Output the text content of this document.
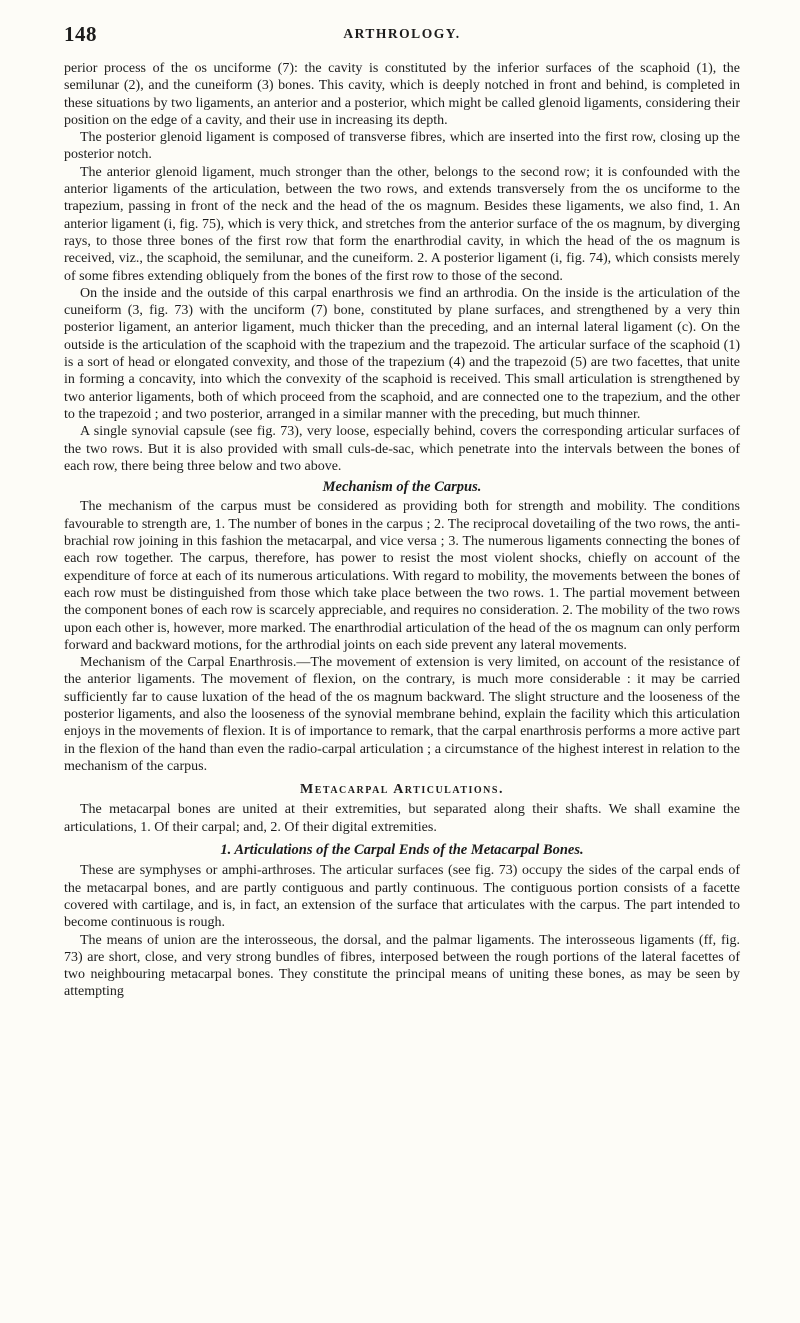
148	ARTHROLOGY.

perior process of the os unciforme (7): the cavity is constituted by the inferior surfaces of the scaphoid (1), the semilunar (2), and the cuneiform (3) bones. This cavity, which is deeply notched in front and behind, is completed in these situations by two ligaments, an anterior and a posterior, which might be called glenoid ligaments, considering their position on the edge of a cavity, and their use in increasing its depth.

The posterior glenoid ligament is composed of transverse fibres, which are inserted into the first row, closing up the posterior notch.

The anterior glenoid ligament, much stronger than the other, belongs to the second row; it is confounded with the anterior ligaments of the articulation, between the two rows, and extends transversely from the os unciforme to the trapezium, passing in front of the neck and the head of the os magnum. Besides these ligaments, we also find, 1. An anterior ligament (i, fig. 75), which is very thick, and stretches from the anterior surface of the os magnum, by diverging rays, to those three bones of the first row that form the enarthrodial cavity, in which the head of the os magnum is received, viz., the scaphoid, the semilunar, and the cuneiform. 2. A posterior ligament (i, fig. 74), which consists merely of some fibres extending obliquely from the bones of the first row to those of the second.

On the inside and the outside of this carpal enarthrosis we find an arthrodia. On the inside is the articulation of the cuneiform (3, fig. 73) with the unciform (7) bone, constituted by plane surfaces, and strengthened by a very thin posterior ligament, an anterior ligament, much thicker than the preceding, and an internal lateral ligament (c). On the outside is the articulation of the scaphoid with the trapezium and the trapezoid. The articular surface of the scaphoid (1) is a sort of head or elongated convexity, and those of the trapezium (4) and the trapezoid (5) are two facettes, that unite in forming a concavity, into which the convexity of the scaphoid is received. This small articulation is strengthened by two anterior ligaments, both of which proceed from the scaphoid, and are connected one to the trapezium, and the other to the trapezoid ; and two posterior, arranged in a similar manner with the preceding, but much thinner.

A single synovial capsule (see fig. 73), very loose, especially behind, covers the corresponding articular surfaces of the two rows. But it is also provided with small culs-de-sac, which penetrate into the intervals between the bones of each row, there being three below and two above.

Mechanism of the Carpus.

The mechanism of the carpus must be considered as providing both for strength and mobility. The conditions favourable to strength are, 1. The number of bones in the carpus ; 2. The reciprocal dovetailing of the two rows, the anti-brachial row joining in this fashion the metacarpal, and vice versa ; 3. The numerous ligaments connecting the bones of each row together. The carpus, therefore, has power to resist the most violent shocks, chiefly on account of the expenditure of force at each of its numerous articulations. With regard to mobility, the movements between the bones of each row must be distinguished from those which take place between the two rows. 1. The partial movement between the component bones of each row is scarcely appreciable, and requires no consideration. 2. The mobility of the two rows upon each other is, however, more marked. The enarthrodial articulation of the head of the os magnum can only perform forward and backward motions, for the arthrodial joints on each side prevent any lateral movements.

Mechanism of the Carpal Enarthrosis.—The movement of extension is very limited, on account of the resistance of the anterior ligaments. The movement of flexion, on the contrary, is much more considerable : it may be carried sufficiently far to cause luxation of the head of the os magnum backward. The slight structure and the looseness of the posterior ligaments, and also the looseness of the synovial membrane behind, explain the facility which this articulation enjoys in the movements of flexion. It is of importance to remark, that the carpal enarthrosis performs a more active part in the flexion of the hand than even the radio-carpal articulation ; a circumstance of the highest interest in relation to the mechanism of the carpus.

Metacarpal Articulations.

The metacarpal bones are united at their extremities, but separated along their shafts. We shall examine the articulations, 1. Of their carpal; and, 2. Of their digital extremities.

1. Articulations of the Carpal Ends of the Metacarpal Bones.

These are symphyses or amphi-arthroses. The articular surfaces (see fig. 73) occupy the sides of the carpal ends of the metacarpal bones, and are partly contiguous and partly continuous. The contiguous portion consists of a facette covered with cartilage, and is, in fact, an extension of the surface that articulates with the carpus. The part intended to become continuous is rough.

The means of union are the interosseous, the dorsal, and the palmar ligaments. The interosseous ligaments (ff, fig. 73) are short, close, and very strong bundles of fibres, interposed between the rough portions of the lateral facettes of two neighbouring metacarpal bones. They constitute the principal means of uniting these bones, as may be seen by attempting
